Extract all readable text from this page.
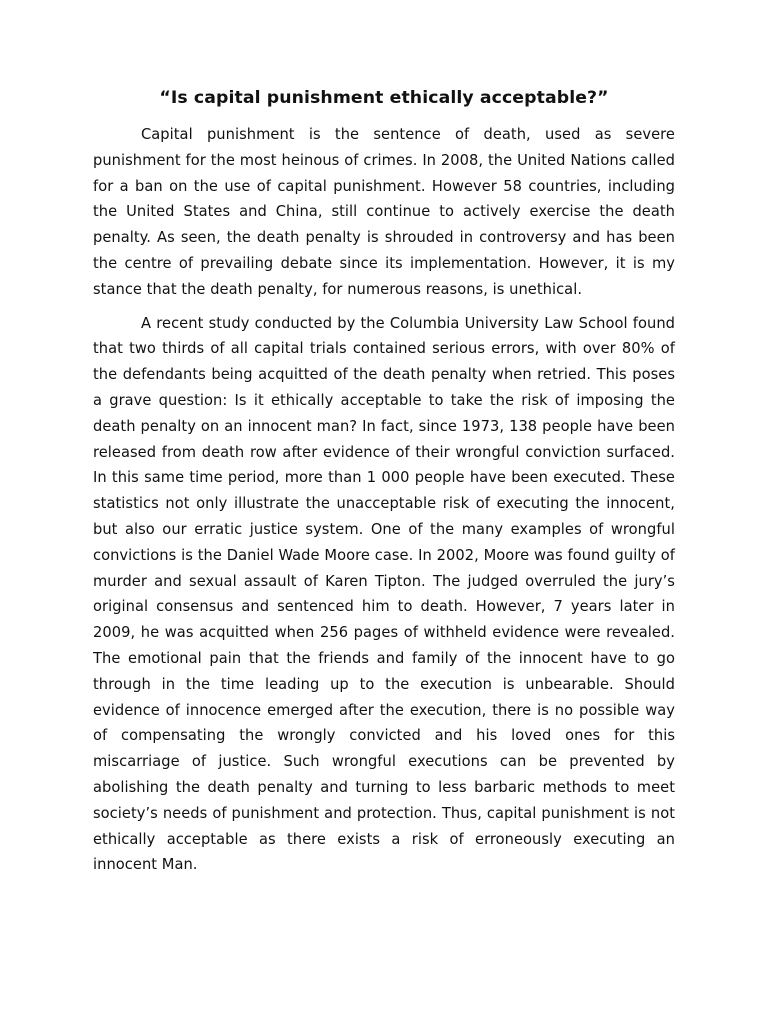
“Is capital punishment ethically acceptable?”

Capital punishment is the sentence of death, used as severe punishment for the most heinous of crimes. In 2008, the United Nations called for a ban on the use of capital punishment. However 58 countries, including the United States and China, still continue to actively exercise the death penalty. As seen, the death penalty is shrouded in controversy and has been the centre of prevailing debate since its implementation. However, it is my stance that the death penalty, for numerous reasons, is unethical.

A recent study conducted by the Columbia University Law School found that two thirds of all capital trials contained serious errors, with over 80% of the defendants being acquitted of the death penalty when retried. This poses a grave question: Is it ethically acceptable to take the risk of imposing the death penalty on an innocent man? In fact, since 1973, 138 people have been released from death row after evidence of their wrongful conviction surfaced. In this same time period, more than 1 000 people have been executed. These statistics not only illustrate the unacceptable risk of executing the innocent, but also our erratic justice system. One of the many examples of wrongful convictions is the Daniel Wade Moore case. In 2002, Moore was found guilty of murder and sexual assault of Karen Tipton. The judged overruled the jury’s original consensus and sentenced him to death. However, 7 years later in 2009, he was acquitted when 256 pages of withheld evidence were revealed. The emotional pain that the friends and family of the innocent have to go through in the time leading up to the execution is unbearable. Should evidence of innocence emerged after the execution, there is no possible way of compensating the wrongly convicted and his loved ones for this miscarriage of justice. Such wrongful executions can be prevented by abolishing the death penalty and turning to less barbaric methods to meet society’s needs of punishment and protection. Thus, capital punishment is not ethically acceptable as there exists a risk of erroneously executing an innocent Man.
